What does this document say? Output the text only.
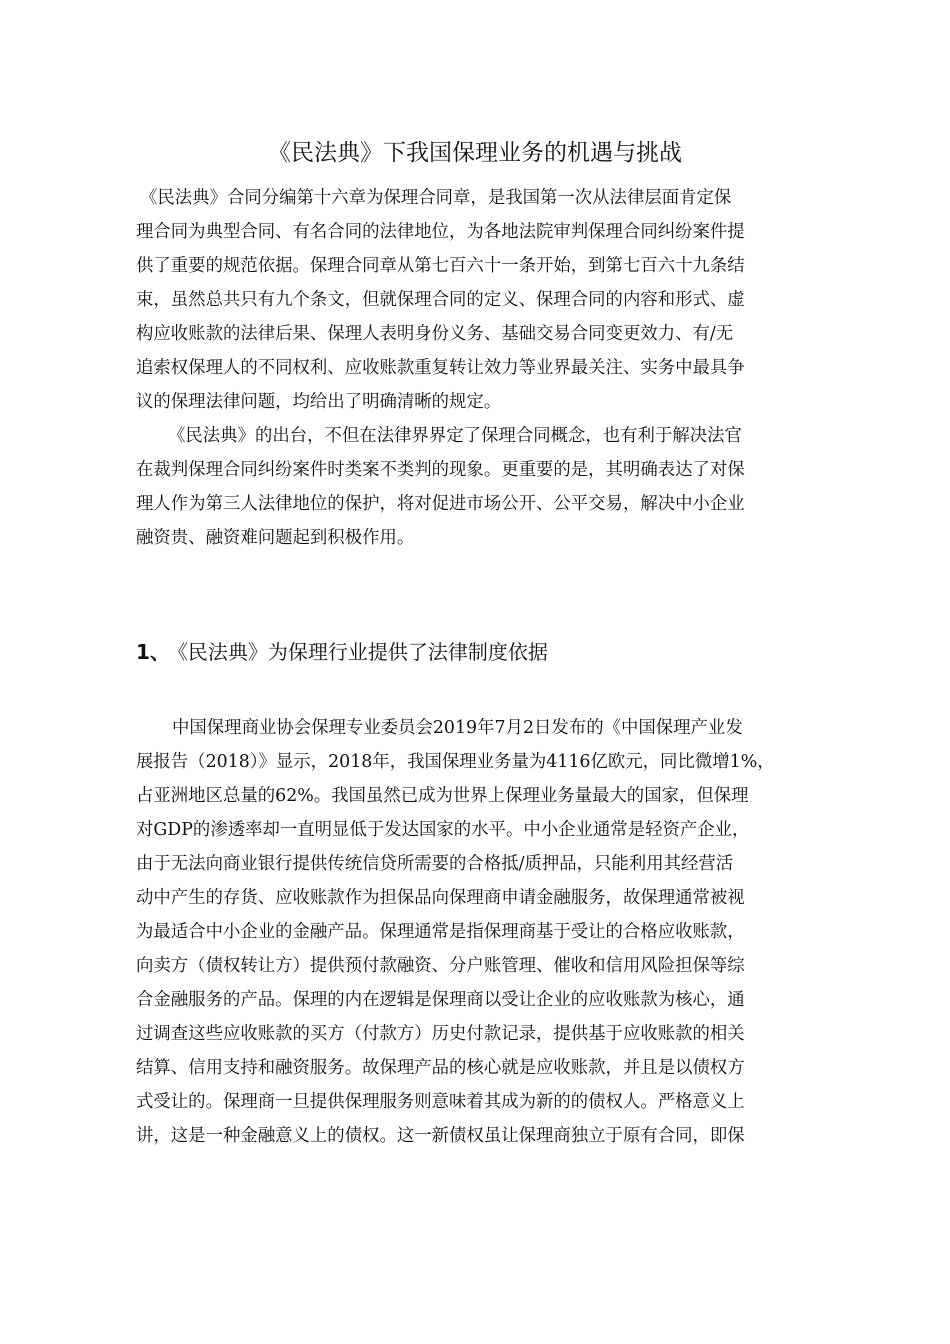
《民法典》下我国保理业务的机遇与挑战
《民法典》合同分编第十六章为保理合同章，是我国第一次从法律层面肯定保
理合同为典型合同、有名合同的法律地位，为各地法院审判保理合同纠纷案件提
供了重要的规范依据。保理合同章从第七百六十一条开始，到第七百六十九条结
束，虽然总共只有九个条文，但就保理合同的定义、保理合同的内容和形式、虚
构应收账款的法律后果、保理人表明身份义务、基础交易合同变更效力、有/无
追索权保理人的不同权利、应收账款重复转让效力等业界最关注、实务中最具争
议的保理法律问题，均给出了明确清晰的规定。
《民法典》的出台，不但在法律界界定了保理合同概念，也有利于解决法官
在裁判保理合同纠纷案件时类案不类判的现象。更重要的是，其明确表达了对保
理人作为第三人法律地位的保护，将对促进市场公开、公平交易，解决中小企业
融资贵、融资难问题起到积极作用。
1、 《民法典》为保理行业提供了法律制度依据
中国保理商业协会保理专业委员会2019年7月2日发布的《中国保理产业发
展报告（2018）》显示，2018年，我国保理业务量为4116亿欧元，同比微增1%，
占亚洲地区总量的62%。我国虽然已成为世界上保理业务量最大的国家，但保理
对GDP的渗透率却一直明显低于发达国家的水平。中小企业通常是轻资产企业，
由于无法向商业银行提供传统信贷所需要的合格抵/质押品，只能利用其经营活
动中产生的存货、应收账款作为担保品向保理商申请金融服务，故保理通常被视
为最适合中小企业的金融产品。保理通常是指保理商基于受让的合格应收账款，
向卖方（债权转让方）提供预付款融资、分户账管理、催收和信用风险担保等综
合金融服务的产品。保理的内在逻辑是保理商以受让企业的应收账款为核心，通
过调查这些应收账款的买方（付款方）历史付款记录，提供基于应收账款的相关
结算、信用支持和融资服务。故保理产品的核心就是应收账款，并且是以债权方
式受让的。保理商一旦提供保理服务则意味着其成为新的的债权人。严格意义上
讲，这是一种金融意义上的债权。这一新债权虽让保理商独立于原有合同，即保
